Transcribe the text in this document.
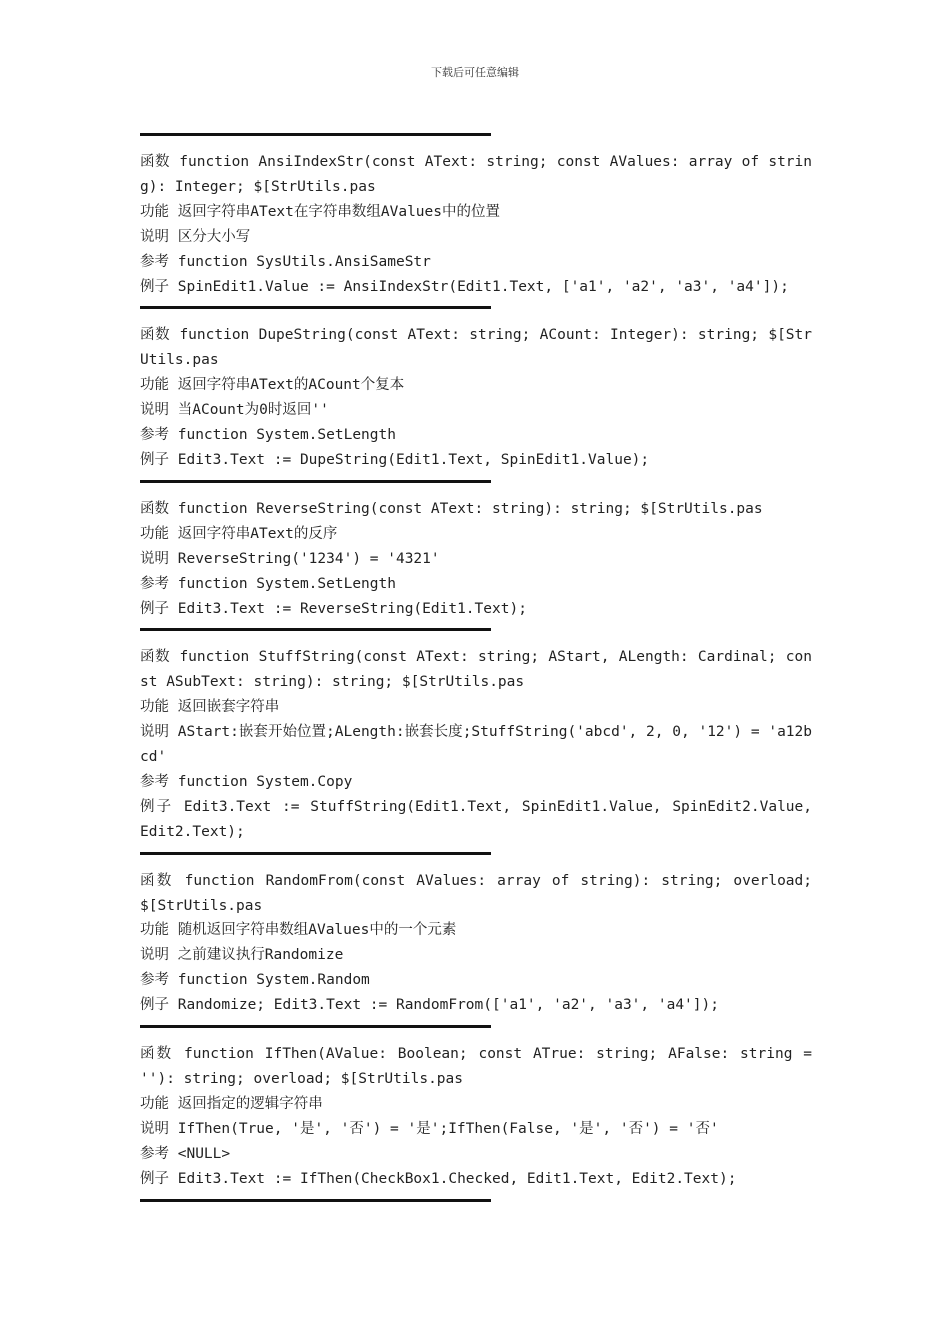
下载后可任意编辑
函数 function AnsiIndexStr(const AText: string; const AValues: array of string): Integer; $[StrUtils.pas
功能 返回字符串AText在字符串数组AValues中的位置
说明 区分大小写
参考 function SysUtils.AnsiSameStr
例子 SpinEdit1.Value := AnsiIndexStr(Edit1.Text, ['a1', 'a2', 'a3', 'a4']);
函数 function DupeString(const AText: string; ACount: Integer): string; $[StrUtils.pas
功能 返回字符串AText的ACount个复本
说明 当ACount为0时返回''
参考 function System.SetLength
例子 Edit3.Text := DupeString(Edit1.Text, SpinEdit1.Value);
函数 function ReverseString(const AText: string): string; $[StrUtils.pas
功能 返回字符串AText的反序
说明 ReverseString('1234') = '4321'
参考 function System.SetLength
例子 Edit3.Text := ReverseString(Edit1.Text);
函数 function StuffString(const AText: string; AStart, ALength: Cardinal; const ASubText: string): string; $[StrUtils.pas
功能 返回嵌套字符串
说明 AStart:嵌套开始位置;ALength:嵌套长度;StuffString('abcd', 2, 0, '12') = 'a12bcd'
参考 function System.Copy
例子 Edit3.Text := StuffString(Edit1.Text, SpinEdit1.Value, SpinEdit2.Value, Edit2.Text);
函数 function RandomFrom(const AValues: array of string): string; overload; $[StrUtils.pas
功能 随机返回字符串数组AValues中的一个元素
说明 之前建议执行Randomize
参考 function System.Random
例子 Randomize; Edit3.Text := RandomFrom(['a1', 'a2', 'a3', 'a4']);
函数 function IfThen(AValue: Boolean; const ATrue: string; AFalse: string = ''): string; overload; $[StrUtils.pas
功能 返回指定的逻辑字符串
说明 IfThen(True, '是', '否') = '是';IfThen(False, '是', '否') = '否'
参考 <NULL>
例子 Edit3.Text := IfThen(CheckBox1.Checked, Edit1.Text, Edit2.Text);
